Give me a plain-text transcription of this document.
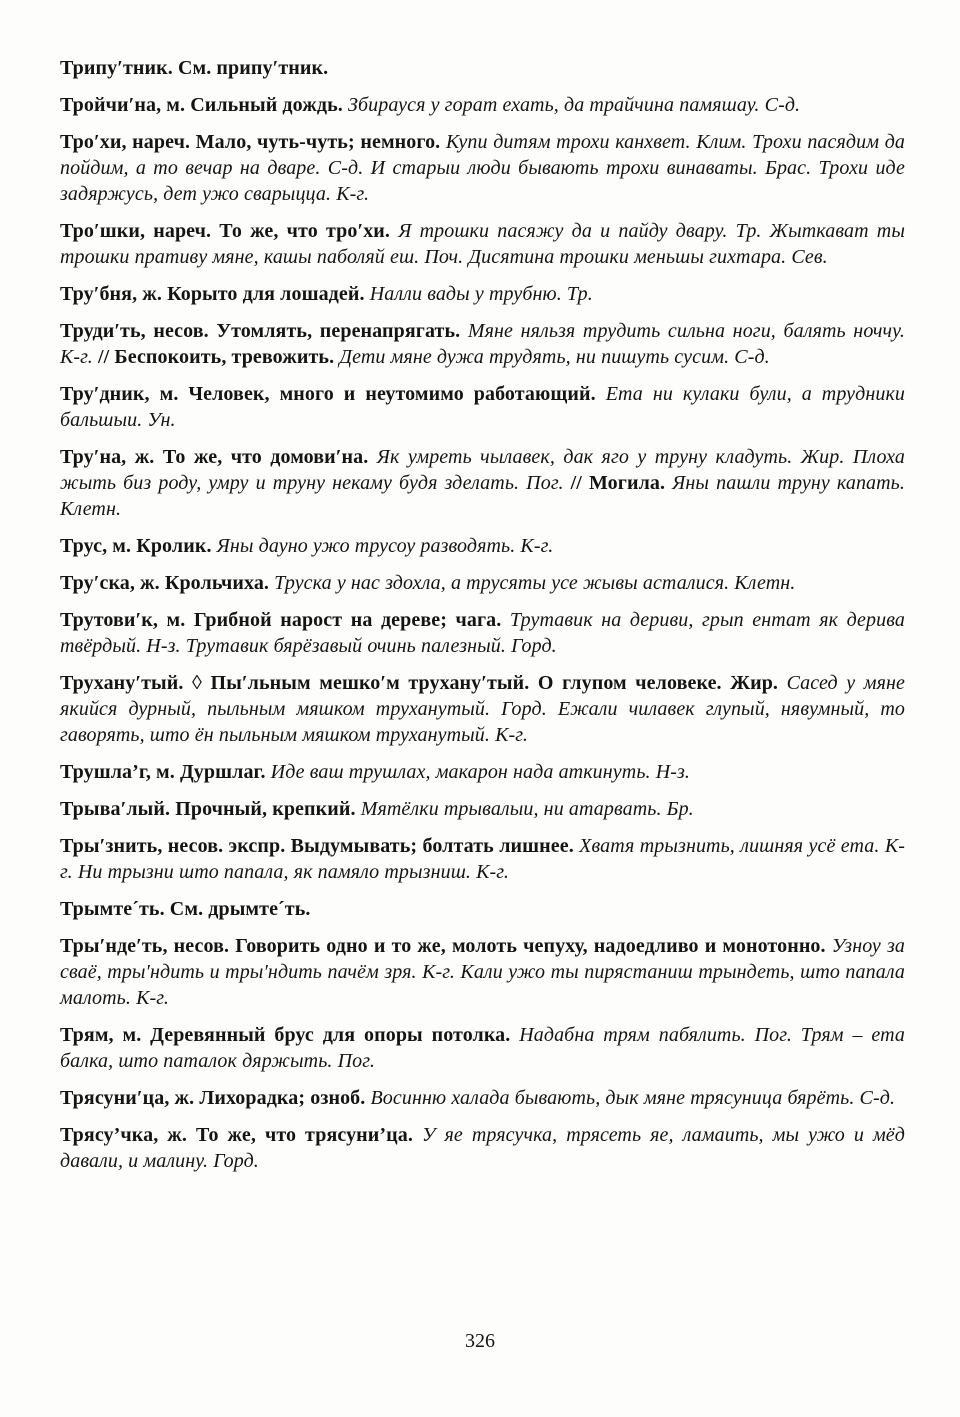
Трипу′тник. См. припу′тник.

Тройчи′на, м. Сильный дождь. Збирауся у горат ехать, да трайчина памяшау. С-д.

Тро′хи, нареч. Мало, чуть-чуть; немного. Купи дитям трохи канхвет. Клим. Трохи пасядим да пойдим, а то вечар на дваре. С-д. И старыи люди бывають трохи винаваты. Брас. Трохи иде задяржусь, дет ужо сварыцца. К-г.

Тро′шки, нареч. То же, что тро′хи. Я трошки пасяжу да и пайду двару. Тр. Жыткават ты трошки пративу мяне, кашы паболяй еш. Поч. Дисятина трошки меньшы гихтара. Сев.

Тру′бня, ж. Корыто для лошадей. Налли вады у трубню. Тр.

Труди′ть, несов. Утомлять, перенапрягать. Мяне няльзя трудить сильна ноги, балять ноччу. К-г. // Беспокоить, тревожить. Дети мяне дужа трудять, ни пишуть сусим. С-д.

Тру′дник, м. Человек, много и неутомимо работающий. Ета ни кулаки були, а трудники бальшыи. Ун.

Тру′на, ж. То же, что домови′на. Як умреть чылавек, дак яго у труну кладуть. Жир. Плоха жыть биз роду, умру и труну некаму будя зделать. Пог. // Могила. Яны пашли труну капать. Клетн.

Трус, м. Кролик. Яны дауно ужо трусоу разводять. К-г.

Тру′ска, ж. Крольчиха. Труска у нас здохла, а трусяты усе жывы асталися. Клетн.

Трутови′к, м. Грибной нарост на дереве; чага. Трутавик на дериви, грып ентат як дерива твёрдый. Н-з. Трутавик бярёзавый очинь палезный. Горд.

Трухану′тый. ◊ Пы′льным мешко′м трухану′тый. О глупом человеке. Жир. Сасед у мяне якийся дурный, пыльным мяшком труханутый. Горд. Ежали чилавек глупый, нявумный, то гаворять, што ён пыльным мяшком труханутый. К-г.

Трушла’г, м. Дуршлаг. Иде ваш трушлах, макарон нада аткинуть. Н-з.

Трыва′лый. Прочный, крепкий. Мятёлки трывалыи, ни атарвать. Бр.

Тры′знить, несов. экспр. Выдумывать; болтать лишнее. Хватя трызнить, лишняя усё ета. К-г. Ни трызни што папала, як памяло трызниш. К-г.

Трымте´ть. См. дрымте´ть.

Тры′нде′ть, несов. Говорить одно и то же, молоть чепуху, надоедливо и монотонно. Узноу за сваё, тры′ндить и тры′ндить пачём зря. К-г. Кали ужо ты пирястаниш трындеть, што папала малоть. К-г.

Трям, м. Деревянный брус для опоры потолка. Надабна трям пабялить. Пог. Трям – ета балка, што паталок дяржыть. Пог.

Трясуни′ца, ж. Лихорадка; озноб. Восинню халада бывають, дык мяне трясуница бярёть. С-д.

Трясу’чка, ж. То же, что трясуни’ца. У яе трясучка, трясеть яе, ламаить, мы ужо и мёд давали, и малину. Горд.

326
